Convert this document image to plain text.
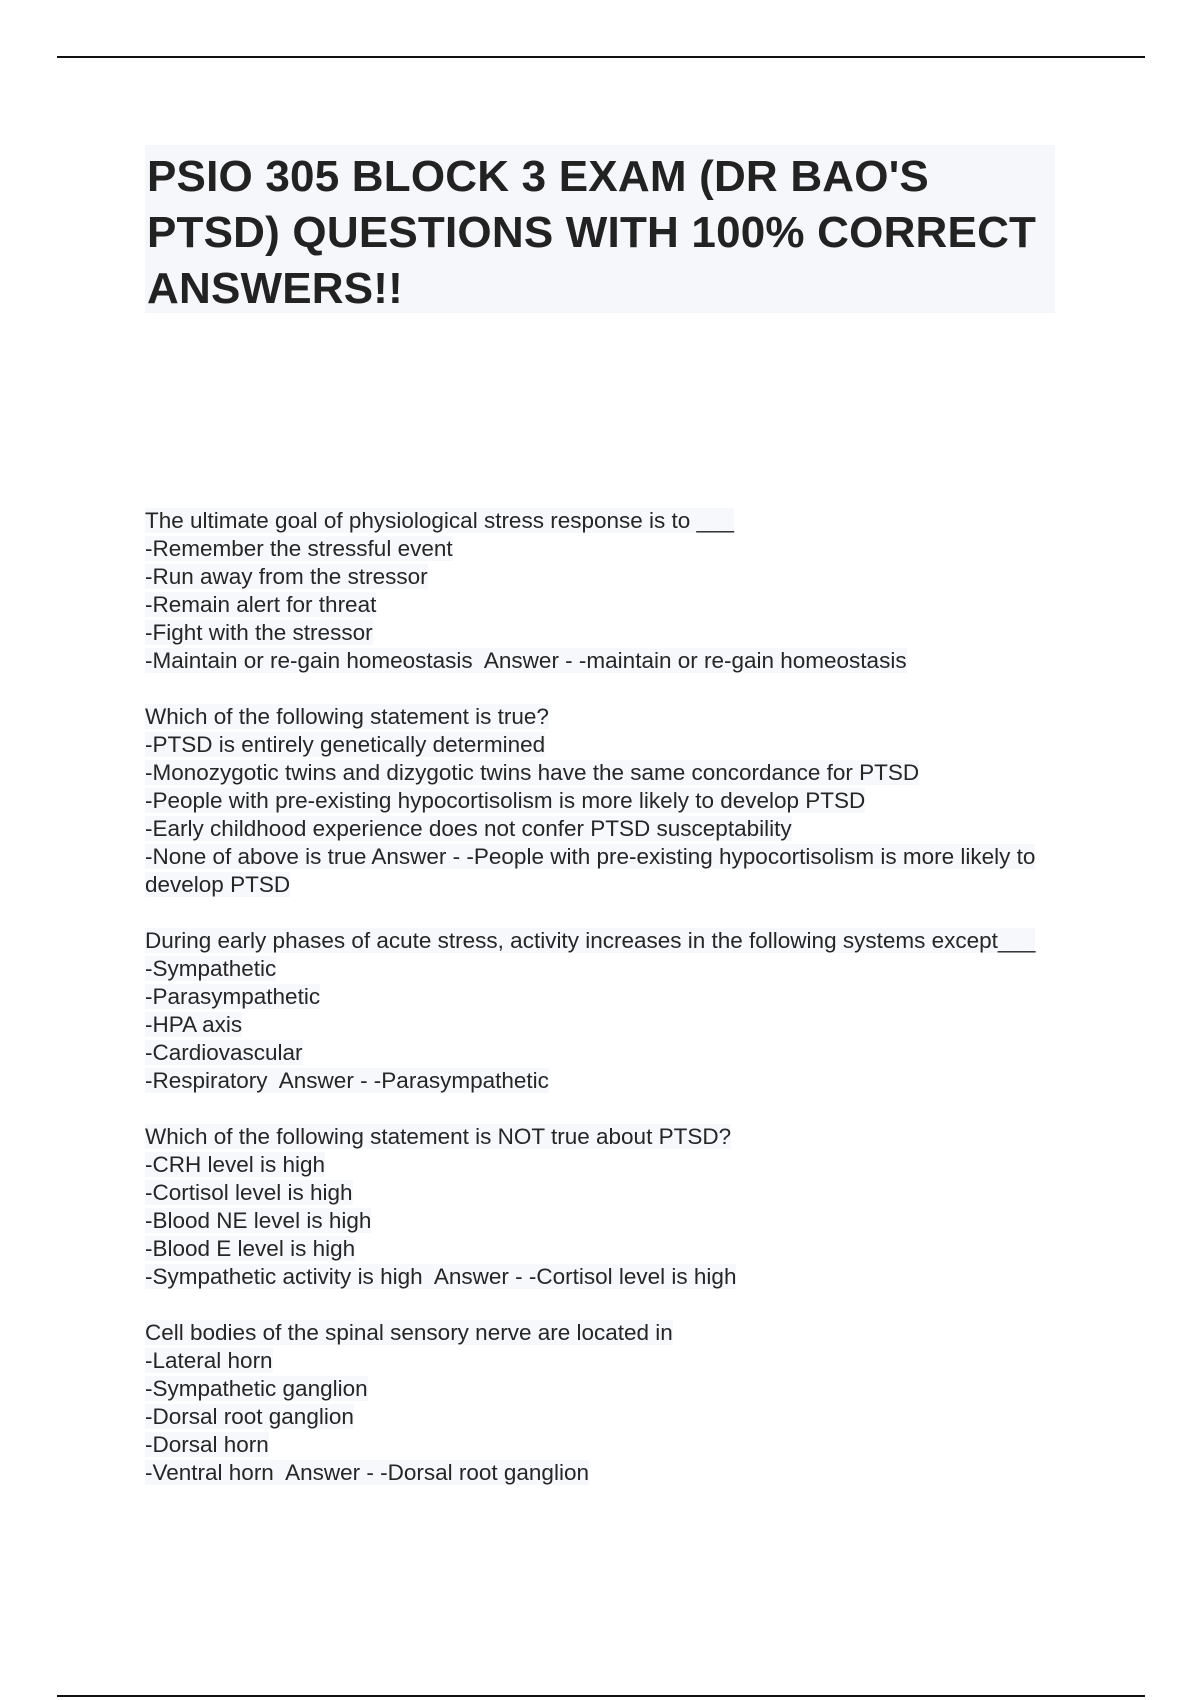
PSIO 305 BLOCK 3 EXAM (DR BAO'S PTSD) QUESTIONS WITH 100% CORRECT ANSWERS!!
The ultimate goal of physiological stress response is to ___
-Remember the stressful event
-Run away from the stressor
-Remain alert for threat
-Fight with the stressor
-Maintain or re-gain homeostasis  Answer - -maintain or re-gain homeostasis
Which of the following statement is true?
-PTSD is entirely genetically determined
-Monozygotic twins and dizygotic twins have the same concordance for PTSD
-People with pre-existing hypocortisolism is more likely to develop PTSD
-Early childhood experience does not confer PTSD susceptability
-None of above is true Answer - -People with pre-existing hypocortisolism is more likely to develop PTSD
During early phases of acute stress, activity increases in the following systems except___
-Sympathetic
-Parasympathetic
-HPA axis
-Cardiovascular
-Respiratory  Answer - -Parasympathetic
Which of the following statement is NOT true about PTSD?
-CRH level is high
-Cortisol level is high
-Blood NE level is high
-Blood E level is high
-Sympathetic activity is high  Answer - -Cortisol level is high
Cell bodies of the spinal sensory nerve are located in
-Lateral horn
-Sympathetic ganglion
-Dorsal root ganglion
-Dorsal horn
-Ventral horn  Answer - -Dorsal root ganglion
